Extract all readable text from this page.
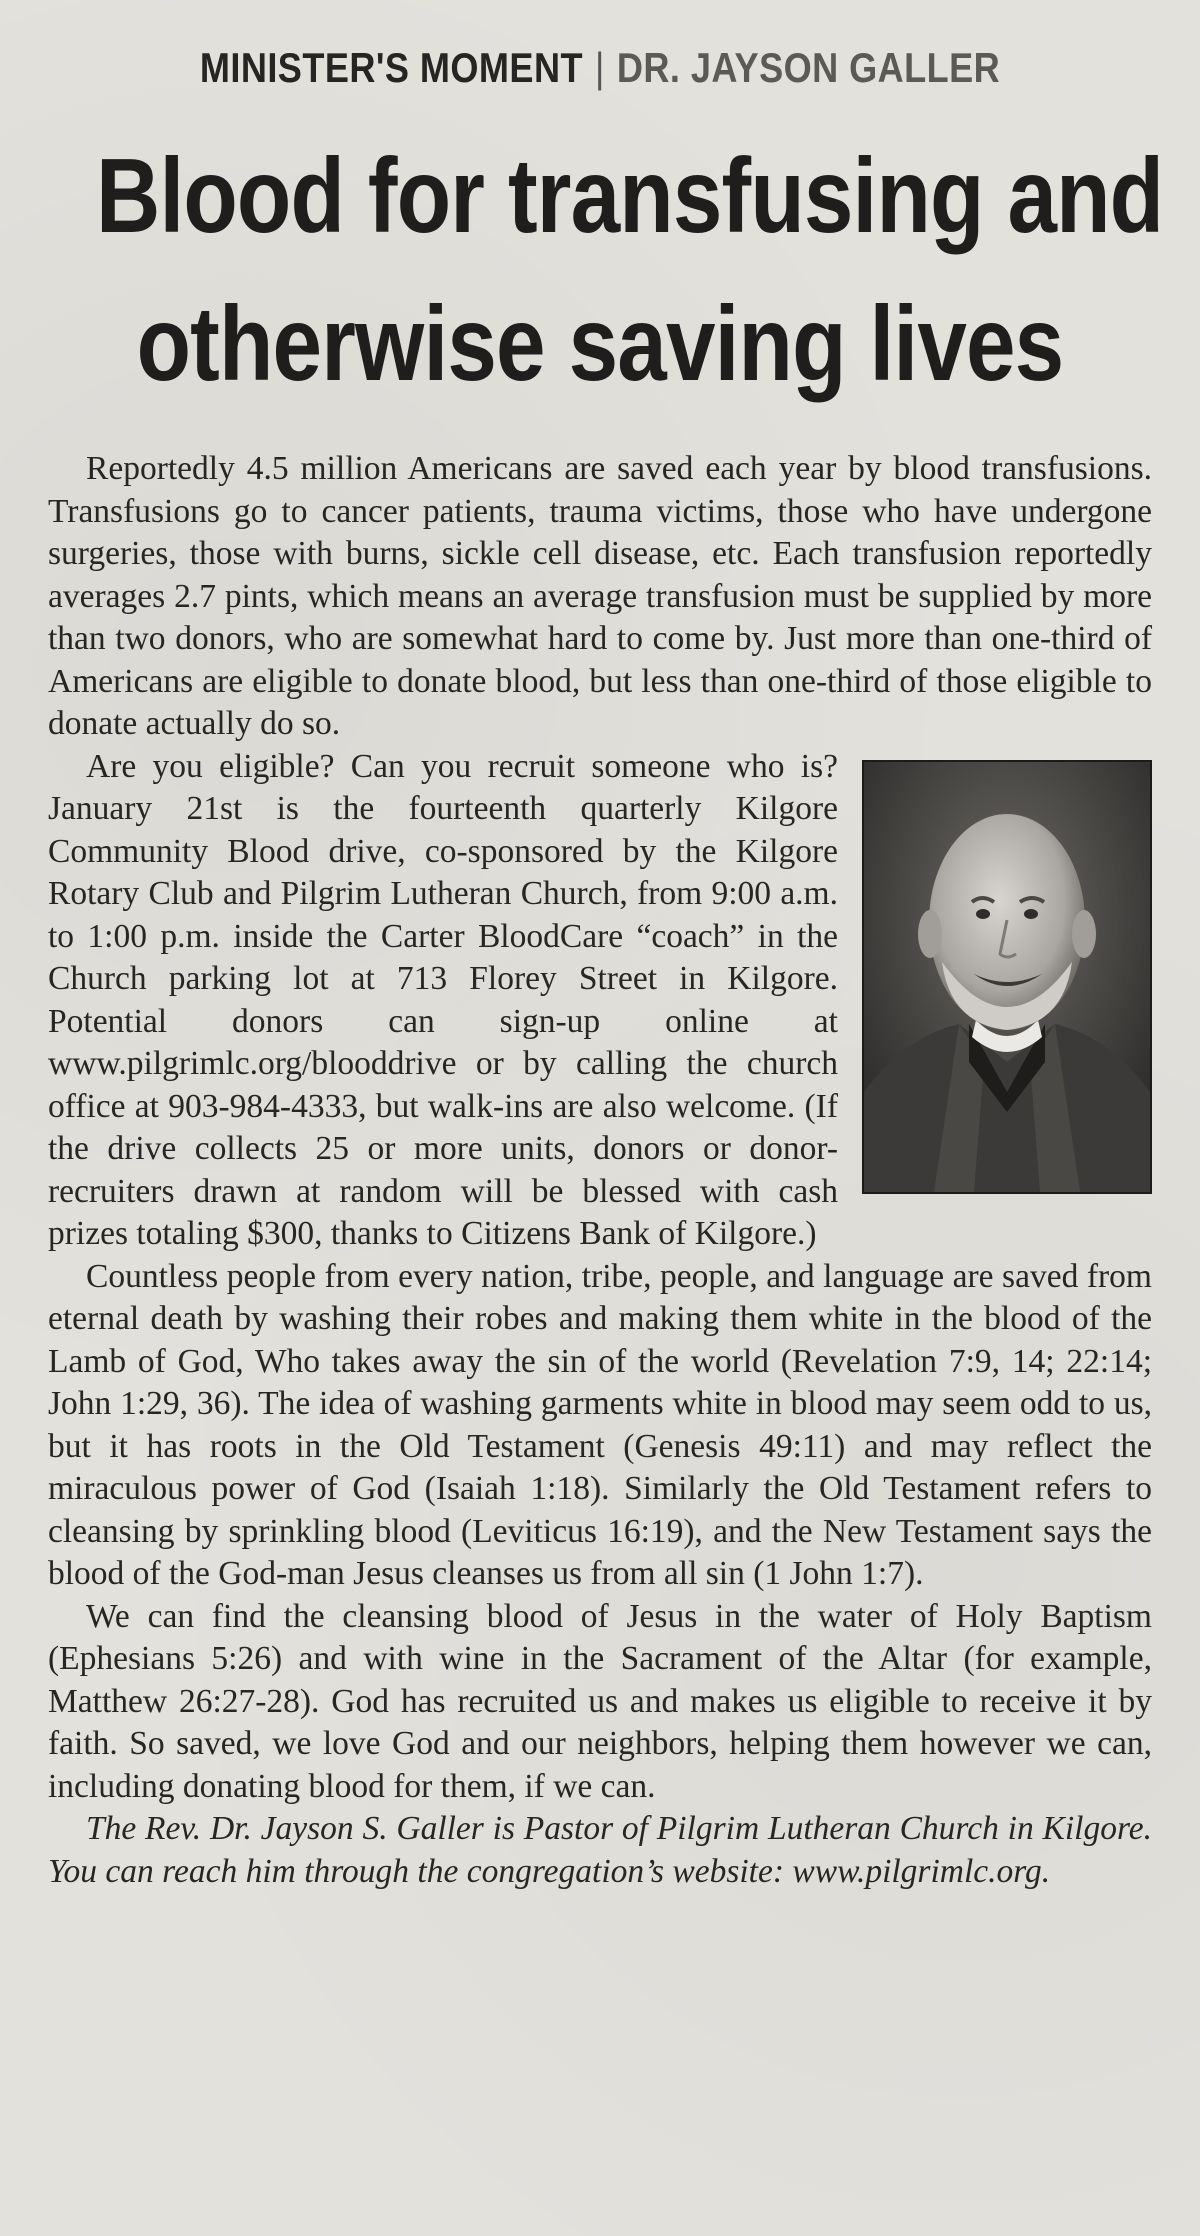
MINISTER'S MOMENT | DR. JAYSON GALLER
Blood for transfusing and
otherwise saving lives

Reportedly 4.5 million Americans are saved each year by blood transfusions. Transfusions go to cancer patients, trauma victims, those who have undergone surgeries, those with burns, sickle cell disease, etc. Each transfusion reportedly averages 2.7 pints, which means an average transfusion must be supplied by more than two donors, who are somewhat hard to come by. Just more than one-third of Americans are eligible to donate blood, but less than one-third of those eligible to donate actually do so.

Are you eligible? Can you recruit someone who is? January 21st is the fourteenth quarterly Kilgore Community Blood drive, co-sponsored by the Kilgore Rotary Club and Pilgrim Lutheran Church, from 9:00 a.m. to 1:00 p.m. inside the Carter BloodCare “coach” in the Church parking lot at 713 Florey Street in Kilgore. Potential donors can sign-up online at www.pilgrimlc.org/blooddrive or by calling the church office at 903-984-4333, but walk-ins are also welcome. (If the drive collects 25 or more units, donors or donor-recruiters drawn at random will be blessed with cash prizes totaling $300, thanks to Citizens Bank of Kilgore.)

Countless people from every nation, tribe, people, and language are saved from eternal death by washing their robes and making them white in the blood of the Lamb of God, Who takes away the sin of the world (Revelation 7:9, 14; 22:14; John 1:29, 36). The idea of washing garments white in blood may seem odd to us, but it has roots in the Old Testament (Genesis 49:11) and may reflect the miraculous power of God (Isaiah 1:18). Similarly the Old Testament refers to cleansing by sprinkling blood (Leviticus 16:19), and the New Testament says the blood of the God-man Jesus cleanses us from all sin (1 John 1:7).

We can find the cleansing blood of Jesus in the water of Holy Baptism (Ephesians 5:26) and with wine in the Sacrament of the Altar (for example, Matthew 26:27-28). God has recruited us and makes us eligible to receive it by faith. So saved, we love God and our neighbors, helping them however we can, including donating blood for them, if we can.

The Rev. Dr. Jayson S. Galler is Pastor of Pilgrim Lutheran Church in Kilgore. You can reach him through the congregation’s website: www.pilgrimlc.org.
